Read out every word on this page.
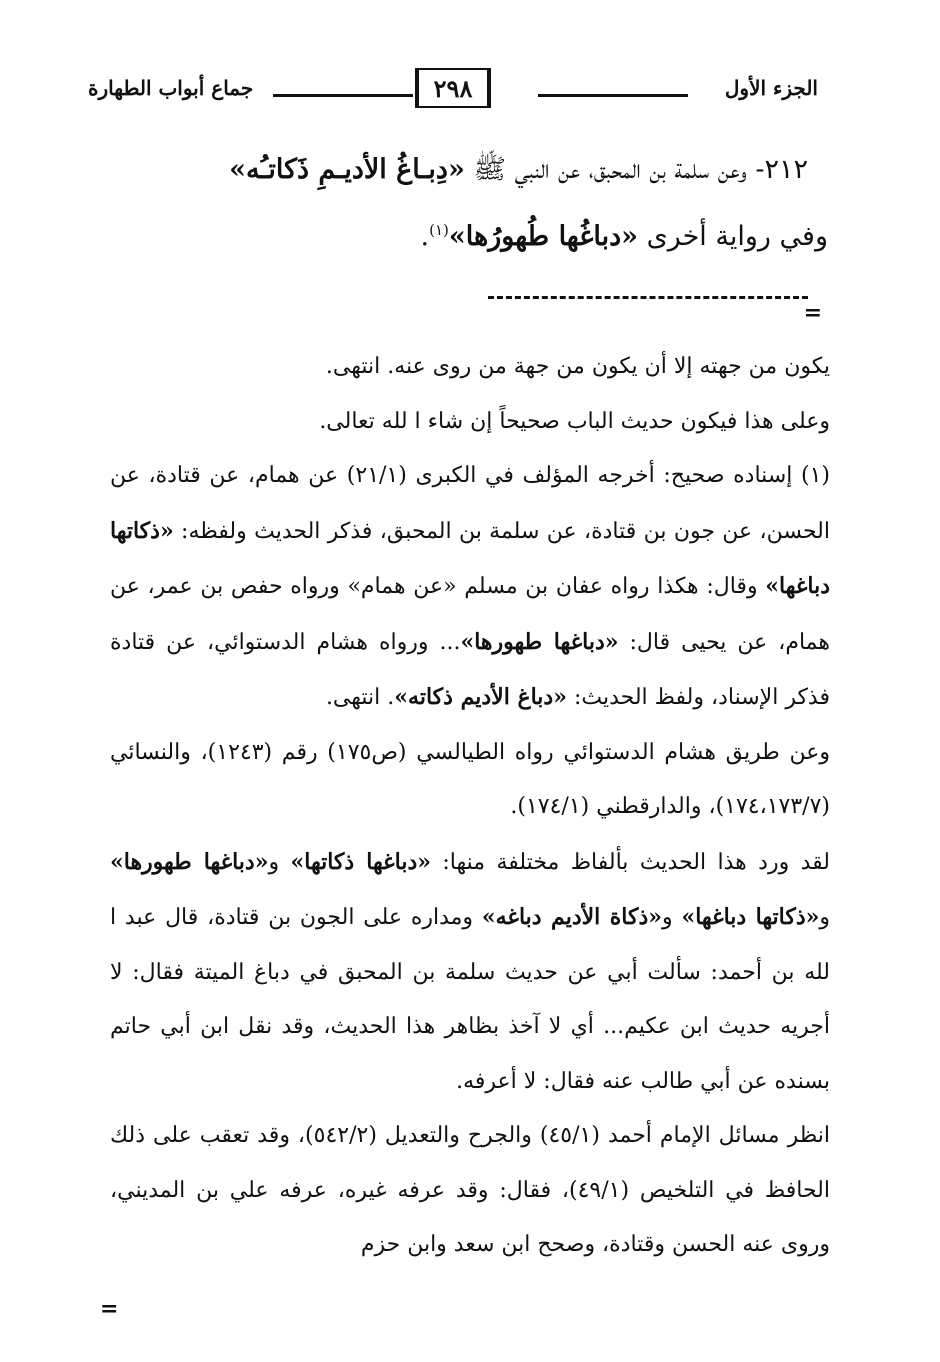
الجزء الأول
٢٩٨
جماع أبواب الطهارة

٢١٢- وعن سلمة بن المحبق، عن النبي ﷺ «دِبـاغُ الأديـمِ ذَكاتـُه»

وفي رواية أخرى «دباغُها طُهورُها»$^{(١)}$.

=

يكون من جهته إلا أن يكون من جهة من روى عنه. انتهى.

وعلى هذا فيكون حديث الباب صحيحاً إن شاء ا لله تعالى.

(١) إسناده صحيح: أخرجه المؤلف في الكبرى (٢١/١) عن همام، عن قتادة، عن الحسن، عن جون بن قتادة، عن سلمة بن المحبق، فذكر الحديث ولفظه: «ذكاتها دباغها» وقال: هكذا رواه عفان بن مسلم «عن همام» ورواه حفص بن عمر، عن همام، عن يحيى قال: «دباغها طهورها»... ورواه هشام الدستوائي، عن قتادة فذكر الإسناد، ولفظ الحديث: «دباغ الأديم ذكاته». انتهى.

وعن طريق هشام الدستوائي رواه الطيالسي (ص١٧٥) رقم (١٢٤٣)، والنسائي (١٧٤،١٧٣/٧)، والدارقطني (١٧٤/١).

لقد ورد هذا الحديث بألفاظ مختلفة منها: «دباغها ذكاتها» و«دباغها طهورها» و«ذكاتها دباغها» و«ذكاة الأديم دباغه» ومداره على الجون بن قتادة، قال عبد ا لله بن أحمد: سألت أبي عن حديث سلمة بن المحبق في دباغ الميتة فقال: لا أجريه حديث ابن عكيم... أي لا آخذ بظاهر هذا الحديث، وقد نقل ابن أبي حاتم بسنده عن أبي طالب عنه فقال: لا أعرفه.

انظر مسائل الإمام أحمد (٤٥/١) والجرح والتعديل (٥٤٢/٢)، وقد تعقب على ذلك الحافظ في التلخيص (٤٩/١)، فقال: وقد عرفه غيره، عرفه علي بن المديني، وروى عنه الحسن وقتادة، وصحح ابن سعد وابن حزم

=
